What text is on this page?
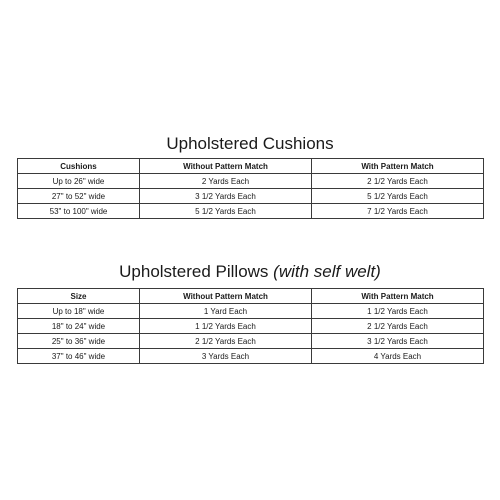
Upholstered Cushions
Cushions	Without Pattern Match	With Pattern Match
Up to 26" wide	2 Yards Each	2 1/2 Yards Each
27" to 52" wide	3 1/2 Yards Each	5 1/2 Yards Each
53" to 100" wide	5 1/2 Yards Each	7 1/2 Yards Each
Upholstered Pillows (with self welt)
Size	Without Pattern Match	With Pattern Match
Up to 18" wide	1 Yard Each	1 1/2 Yards Each
18" to 24" wide	1 1/2 Yards Each	2 1/2 Yards Each
25" to 36" wide	2 1/2 Yards Each	3 1/2 Yards Each
37" to 46" wide	3 Yards Each	4 Yards Each
